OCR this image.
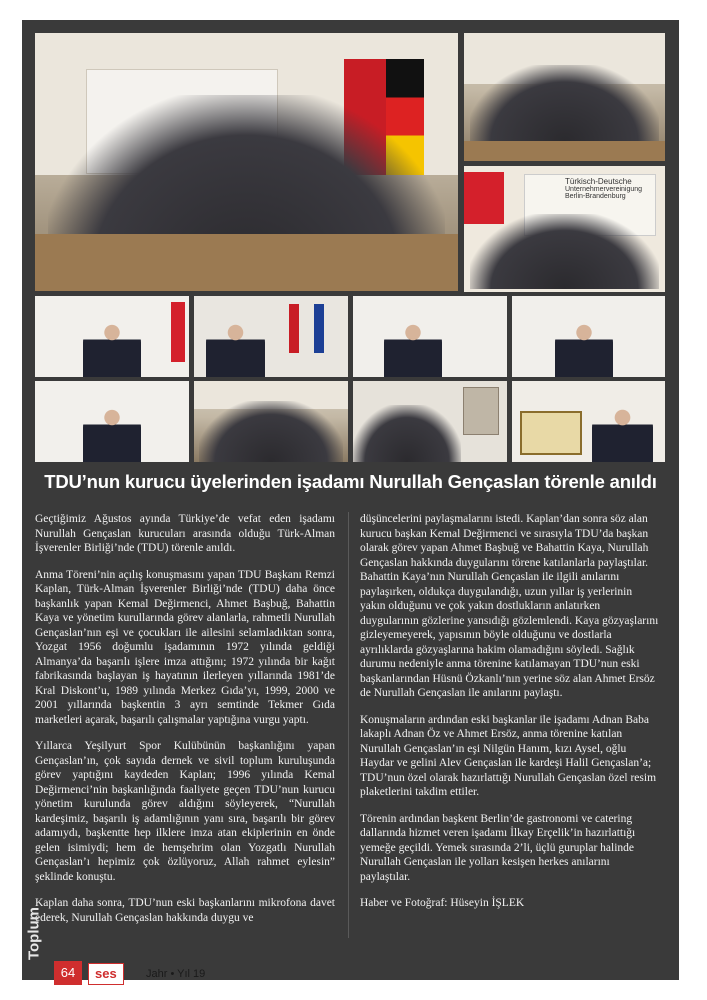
Türkisch-Deutsche
Unternehmervereinigung
Berlin-Brandenburg
TDU’nun kurucu üyelerinden işadamı Nurullah Gençaslan törenle anıldı

Geçtiğimiz Ağustos ayında Türkiye’de vefat eden işadamı Nurullah Gençaslan kurucuları arasında olduğu Türk-Alman İşverenler Birliği’nde (TDU) törenle anıldı.

Anma Töreni’nin açılış konuşmasını yapan TDU Başkanı Remzi Kaplan, Türk-Alman İşverenler Birliği’nde (TDU) daha önce başkanlık yapan Kemal Değirmenci, Ahmet Başbuğ, Bahattin Kaya ve yönetim kurullarında görev alanlarla, rahmetli Nurullah Gençaslan’nın eşi ve çocukları ile ailesini selamladıktan sonra, Yozgat 1956 doğumlu işadamının 1972 yılında geldiği Almanya’da başarılı işlere imza attığını; 1972 yılında bir kağıt fabrikasında başlayan iş hayatının ilerleyen yıllarında 1981’de Kral Diskont’u, 1989 yılında Merkez Gıda’yı, 1999, 2000 ve 2001 yıllarında başkentin 3 ayrı semtinde Tekmer Gıda marketleri açarak, başarılı çalışmalar yaptığına vurgu yaptı.

Yıllarca Yeşilyurt Spor Kulübünün başkanlığını yapan Gençaslan’ın, çok sayıda dernek ve sivil toplum kuruluşunda görev yaptığını kaydeden Kaplan; 1996 yılında Kemal Değirmenci’nin başkanlığında faaliyete geçen TDU’nun kurucu yönetim kurulunda görev aldığını söyleyerek, “Nurullah kardeşimiz, başarılı iş adamlığının yanı sıra, başarılı bir görev adamıydı, başkentte hep ilklere imza atan ekiplerinin en önde gelen isimiydi; hem de hemşehrim olan Yozgatlı Nurullah Gençaslan’ı hepimiz çok özlüyoruz, Allah rahmet eylesin” şeklinde konuştu.

Kaplan daha sonra, TDU’nun eski başkanlarını mikrofona davet ederek, Nurullah Gençaslan hakkında duygu ve

düşüncelerini paylaşmalarını istedi. Kaplan’dan sonra söz alan kurucu başkan Kemal Değirmenci ve sırasıyla TDU’da başkan olarak görev yapan Ahmet Başbuğ ve Bahattin Kaya, Nurullah Gençaslan hakkında duygularını törene katılanlarla paylaştılar. Bahattin Kaya’nın Nurullah Gençaslan ile ilgili anılarını paylaşırken, oldukça duygulandığı, uzun yıllar iş yerlerinin yakın olduğunu ve çok yakın dostlukların anlatırken duygularının gözlerine yansıdığı gözlemlendi. Kaya gözyaşlarını gizleyemeyerek, yapısının böyle olduğunu ve dostlarla ayrılıklarda gözyaşlarına hakim olamadığını söyledi. Sağlık durumu nedeniyle anma törenine katılamayan TDU’nun eski başkanlarından Hüsnü Özkanlı’nın yerine söz alan Ahmet Ersöz de Nurullah Gençaslan ile anılarını paylaştı.

Konuşmaların ardından eski başkanlar ile işadamı Adnan Baba lakaplı Adnan Öz ve Ahmet Ersöz, anma törenine katılan Nurullah Gençaslan’ın eşi Nilgün Hanım, kızı Aysel, oğlu Haydar ve gelini Alev Gençaslan ile kardeşi Halil Gençaslan’a; TDU’nun özel olarak hazırlattığı Nurullah Gençaslan özel resim plaketlerini takdim ettiler.

Törenin ardından başkent Berlin’de gastronomi ve catering dallarında hizmet veren işadamı İlkay Erçelik’in hazırlattığı yemeğe geçildi. Yemek sırasında 2’li, üçlü guruplar halinde Nurullah Gençaslan ile yolları kesişen herkes anılarını paylaştılar.

Haber ve Fotoğraf: Hüseyin İŞLEK

Toplum
64	ses	Jahr • Yıl 19
